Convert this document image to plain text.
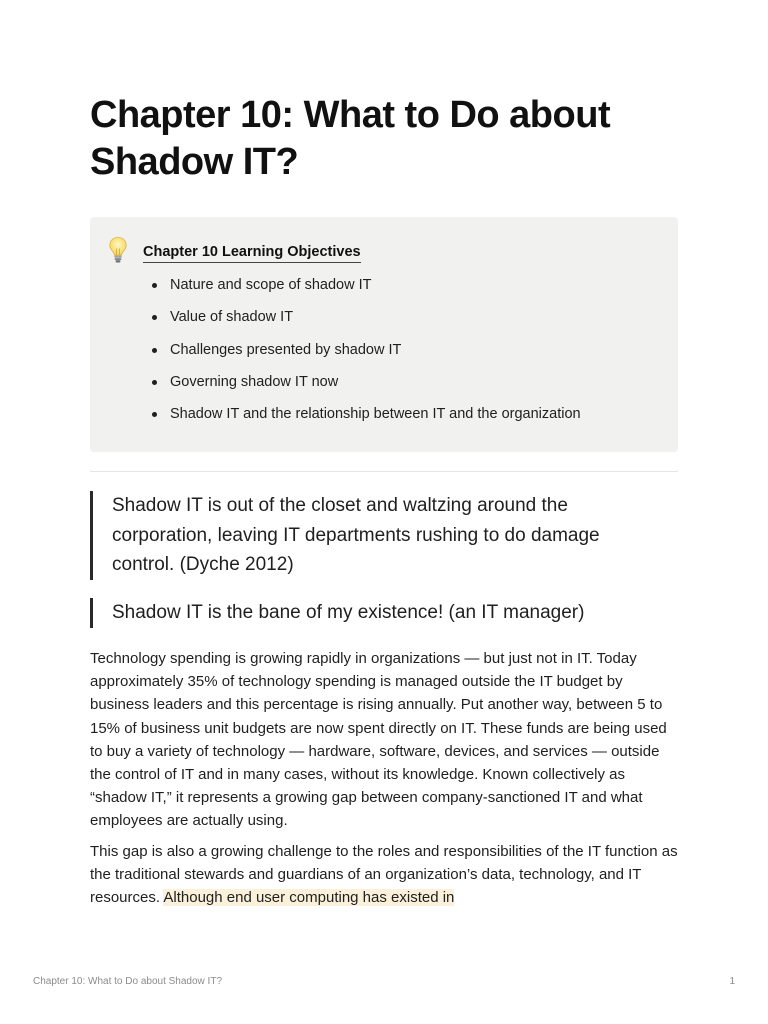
Chapter 10: What to Do about Shadow IT?
Chapter 10 Learning Objectives
Nature and scope of shadow IT
Value of shadow IT
Challenges presented by shadow IT
Governing shadow IT now
Shadow IT and the relationship between IT and the organization
Shadow IT is out of the closet and waltzing around the corporation, leaving IT departments rushing to do damage control. (Dyche 2012)
Shadow IT is the bane of my existence! (an IT manager)

Technology spending is growing rapidly in organizations — but just not in IT. Today approximately 35% of technology spending is managed outside the IT budget by business leaders and this percentage is rising annually. Put another way, between 5 to 15% of business unit budgets are now spent directly on IT. These funds are being used to buy a variety of technology — hardware, software, devices, and services — outside the control of IT and in many cases, without its knowledge. Known collectively as “shadow IT,” it represents a growing gap between company-sanctioned IT and what employees are actually using.

This gap is also a growing challenge to the roles and responsibilities of the IT function as the traditional stewards and guardians of an organization’s data, technology, and IT resources. Although end user computing has existed in

Chapter 10: What to Do about Shadow IT?	1
